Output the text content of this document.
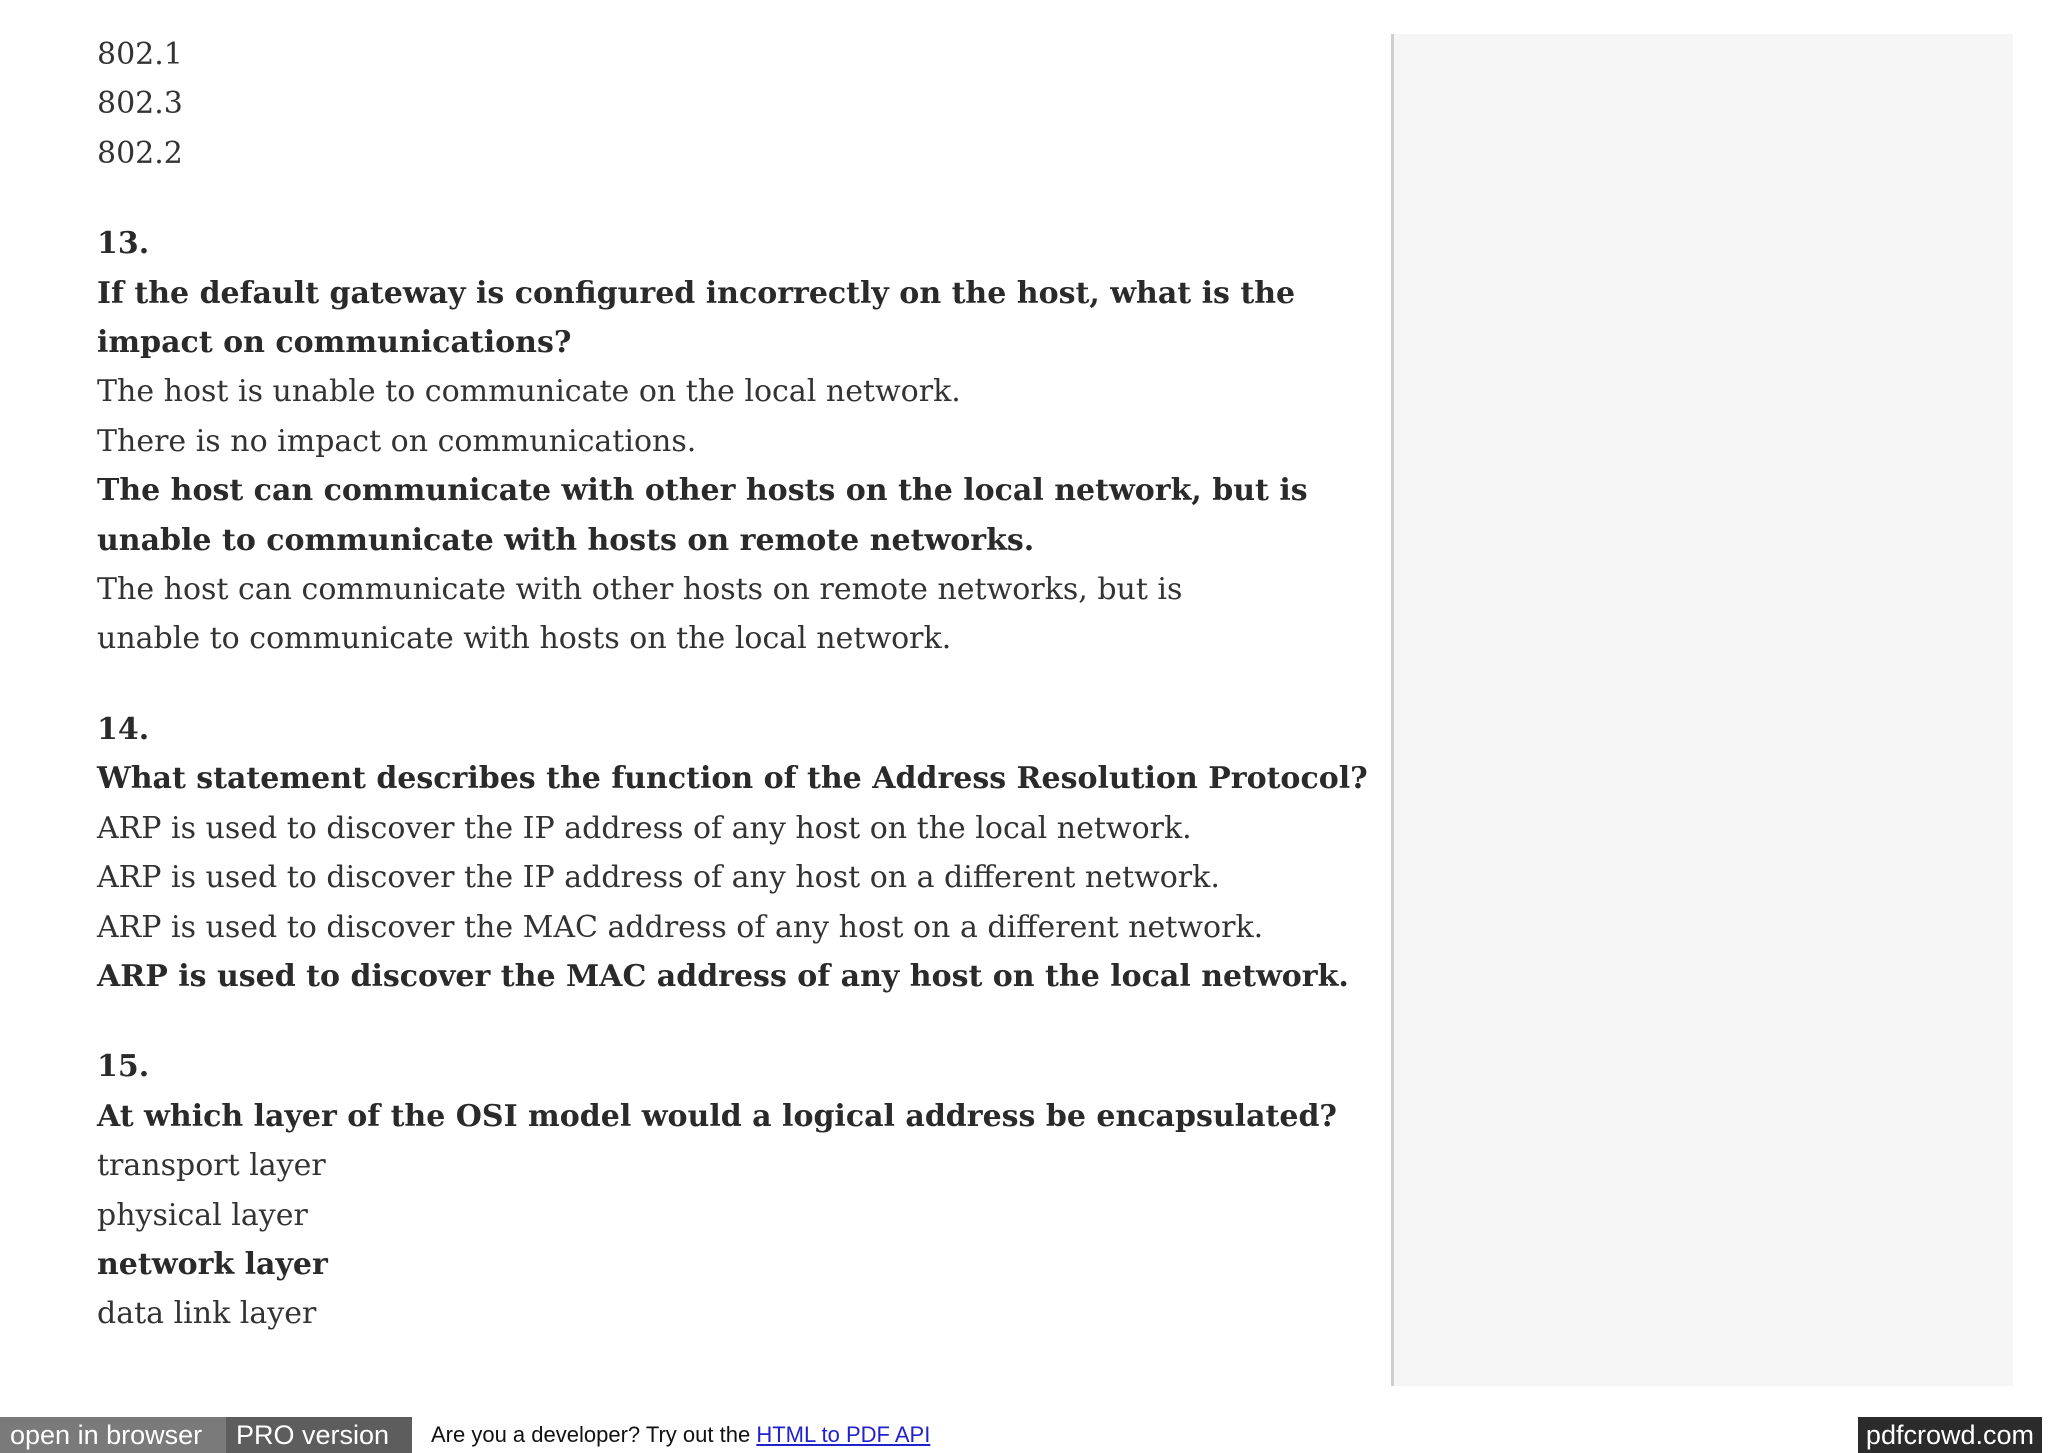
802.1
802.3
802.2
13.
If the default gateway is configured incorrectly on the host, what is the impact on communications?
The host is unable to communicate on the local network.
There is no impact on communications.
The host can communicate with other hosts on the local network, but is unable to communicate with hosts on remote networks.
The host can communicate with other hosts on remote networks, but is unable to communicate with hosts on the local network.
14.
What statement describes the function of the Address Resolution Protocol?
ARP is used to discover the IP address of any host on the local network.
ARP is used to discover the IP address of any host on a different network.
ARP is used to discover the MAC address of any host on a different network.
ARP is used to discover the MAC address of any host on the local network.
15.
At which layer of the OSI model would a logical address be encapsulated?
transport layer
physical layer
network layer
data link layer
open in browser	PRO version	Are you a developer? Try out the HTML to PDF API	pdfcrowd.com
